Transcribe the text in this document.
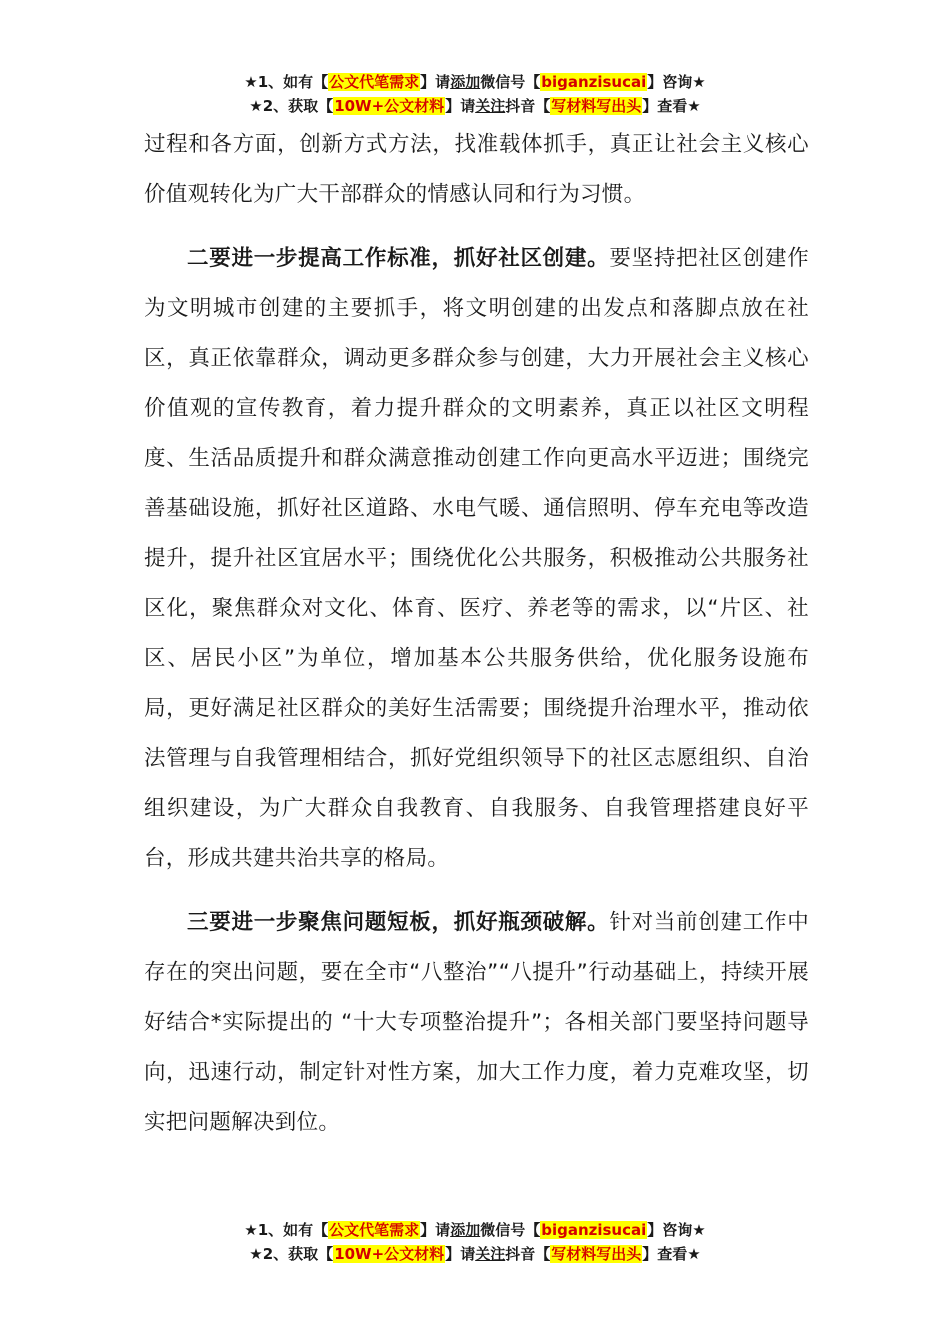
★1、如有【公文代笔需求】请添加微信号【biganzisucai】咨询★
★2、获取【10W+公文材料】请关注抖音【写材料写出头】查看★

过程和各方面，创新方式方法，找准载体抓手，真正让社会主义核心价值观转化为广大干部群众的情感认同和行为习惯。

二要进一步提高工作标准，抓好社区创建。要坚持把社区创建作为文明城市创建的主要抓手，将文明创建的出发点和落脚点放在社区，真正依靠群众，调动更多群众参与创建，大力开展社会主义核心价值观的宣传教育，着力提升群众的文明素养，真正以社区文明程度、生活品质提升和群众满意推动创建工作向更高水平迈进；围绕完善基础设施，抓好社区道路、水电气暖、通信照明、停车充电等改造提升，提升社区宜居水平；围绕优化公共服务，积极推动公共服务社区化，聚焦群众对文化、体育、医疗、养老等的需求，以“片区、社区、居民小区”为单位，增加基本公共服务供给，优化服务设施布局，更好满足社区群众的美好生活需要；围绕提升治理水平，推动依法管理与自我管理相结合，抓好党组织领导下的社区志愿组织、自治组织建设，为广大群众自我教育、自我服务、自我管理搭建良好平台，形成共建共治共享的格局。

三要进一步聚焦问题短板，抓好瓶颈破解。针对当前创建工作中存在的突出问题，要在全市“八整治”“八提升”行动基础上，持续开展好结合*实际提出的 “十大专项整治提升”；各相关部门要坚持问题导向，迅速行动，制定针对性方案，加大工作力度，着力克难攻坚，切实把问题解决到位。

★1、如有【公文代笔需求】请添加微信号【biganzisucai】咨询★
★2、获取【10W+公文材料】请关注抖音【写材料写出头】查看★
